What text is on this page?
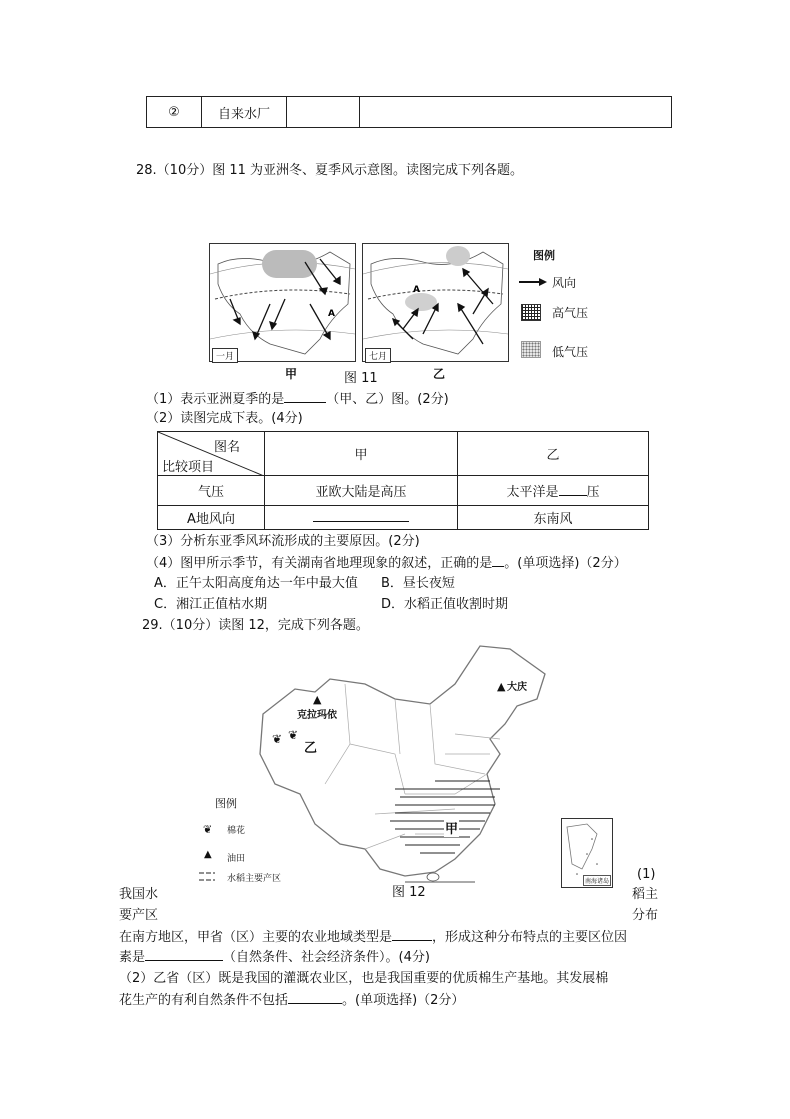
②	自来水厂		
28.（10分）图 11 为亚洲冬、夏季风示意图。读图完成下列各题。
A
一月
甲
A
七月
乙
图例
风向
高气压
低气压
图 11
（1）表示亚洲夏季的是	（甲、乙）图。(2分)
（2）读图完成下表。(4分)
图名
比较项目	甲	乙
气压	亚欧大陆是高压	太平洋是 压
A地风向		东南风
（3）分析东亚季风环流形成的主要原因。(2分)
（4）图甲所示季节，有关湖南省地理现象的叙述，正确的是 。(单项选择)（2分）
A．正午太阳高度角达一年中最大值 B．昼长夜短
C．湘江正值枯水期	D．水稻正值收割时期
29.（10分）读图 12，完成下列各题。
▲
克拉玛依
❦ ❦
乙
▲ 大庆
甲
图例
❦ 棉花
▲ 油田
水稻主要产区	南海诸岛
图 12
(1)
我国水	稻主
要产区	分布
在南方地区，甲省（区）主要的农业地域类型是	，形成这种分布特点的主要区位因
素是	（自然条件、社会经济条件）。(4分)
（2）乙省（区）既是我国的灌溉农业区，也是我国重要的优质棉生产基地。其发展棉
花生产的有利自然条件不包括	。(单项选择)（2分）
